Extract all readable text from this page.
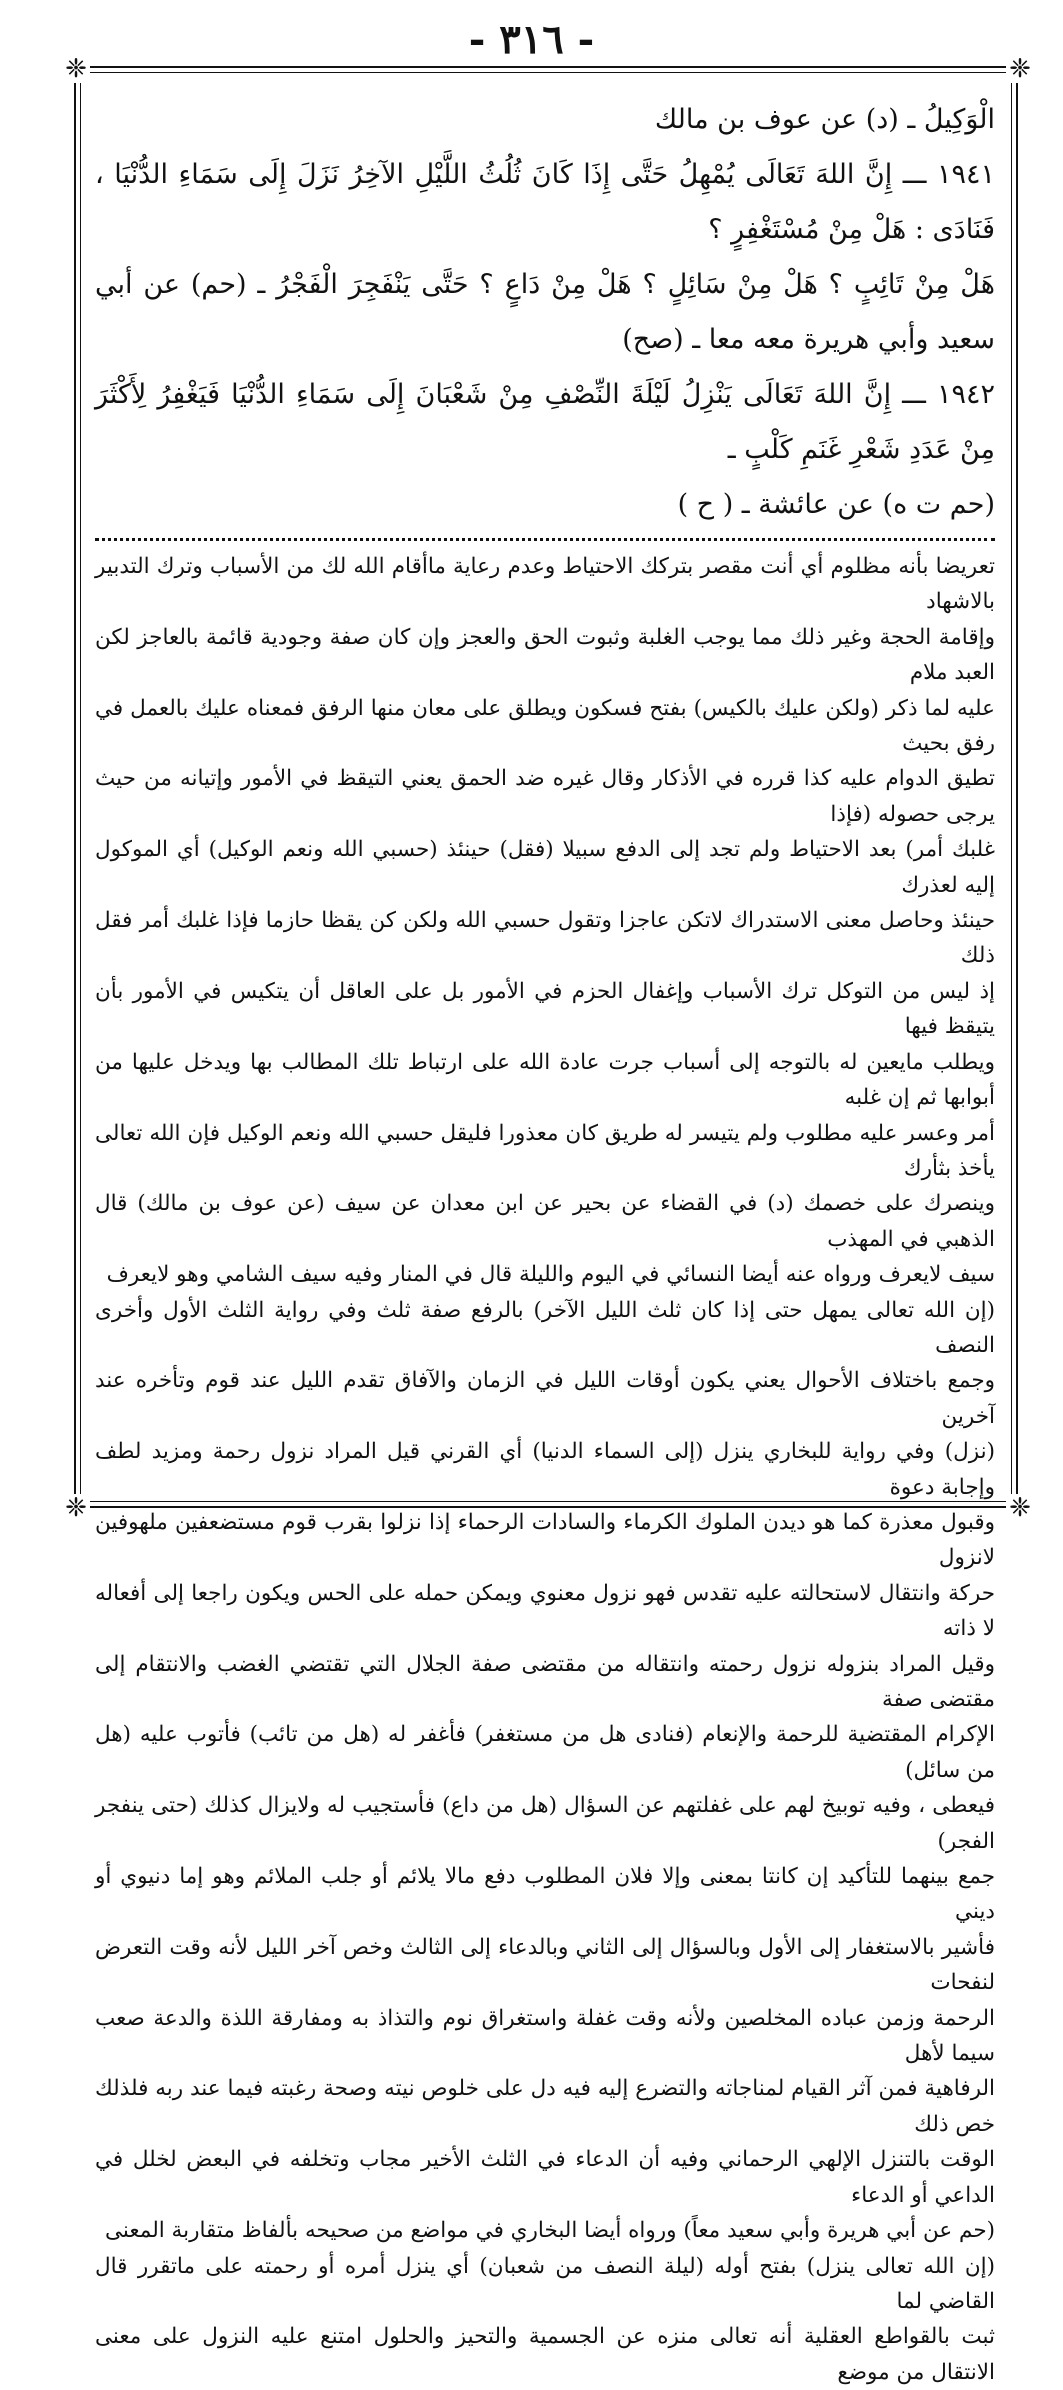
- ٣١٦ -
❈	❈
❈	❈

الْوَكِيلُ ـ (د) عن عوف بن مالك

١٩٤١ ـــ إِنَّ اللهَ تَعَالَى يُمْهِلُ حَتَّى إِذَا كَانَ ثُلُثُ اللَّيْلِ الآخِرُ نَزَلَ إِلَى سَمَاءِ الدُّنْيَا ، فَنَادَى : هَلْ مِنْ مُسْتَغْفِرٍ ؟

هَلْ مِنْ تَائِبٍ ؟ هَلْ مِنْ سَائِلٍ ؟ هَلْ مِنْ دَاعٍ ؟ حَتَّى يَنْفَجِرَ الْفَجْرُ ـ (حم) عن أبي سعيد وأبي هريرة معه معا ـ (صح)

١٩٤٢ ـــ إِنَّ اللهَ تَعَالَى يَنْزِلُ لَيْلَةَ النِّصْفِ مِنْ شَعْبَانَ إِلَى سَمَاءِ الدُّنْيَا فَيَغْفِرُ لِأَكْثَرَ مِنْ عَدَدِ شَعْرِ غَنَمِ كَلْبٍ ـ

(حم ت ه) عن عائشة ـ ( ح )

تعريضا بأنه مظلوم أي أنت مقصر بتركك الاحتياط وعدم رعاية ماأقام الله لك من الأسباب وترك التدبير بالاشهاد

وإقامة الحجة وغير ذلك مما يوجب الغلبة وثبوت الحق والعجز وإن كان صفة وجودية قائمة بالعاجز لكن العبد ملام

عليه لما ذكر (ولكن عليك بالكيس) بفتح فسكون ويطلق على معان منها الرفق فمعناه عليك بالعمل في رفق بحيث

تطيق الدوام عليه كذا قرره في الأذكار وقال غيره ضد الحمق يعني التيقظ في الأمور وإتيانه من حيث يرجى حصوله (فإذا

غلبك أمر) بعد الاحتياط ولم تجد إلى الدفع سبيلا (فقل) حينئذ (حسبي الله ونعم الوكيل) أي الموكول إليه لعذرك

حينئذ وحاصل معنى الاستدراك لاتكن عاجزا وتقول حسبي الله ولكن كن يقظا حازما فإذا غلبك أمر فقل ذلك

إذ ليس من التوكل ترك الأسباب وإغفال الحزم في الأمور بل على العاقل أن يتكيس في الأمور بأن يتيقظ فيها

ويطلب مايعين له بالتوجه إلى أسباب جرت عادة الله على ارتباط تلك المطالب بها ويدخل عليها من أبوابها ثم إن غلبه

أمر وعسر عليه مطلوب ولم يتيسر له طريق كان معذورا فليقل حسبي الله ونعم الوكيل فإن الله تعالى يأخذ بثأرك

وينصرك على خصمك (د) في القضاء عن بحير عن ابن معدان عن سيف (عن عوف بن مالك) قال الذهبي في المهذب

سيف لايعرف ورواه عنه أيضا النسائي في اليوم والليلة قال في المنار وفيه سيف الشامي وهو لايعرف

(إن الله تعالى يمهل حتى إذا كان ثلث الليل الآخر) بالرفع صفة ثلث وفي رواية الثلث الأول وأخرى النصف

وجمع باختلاف الأحوال يعني يكون أوقات الليل في الزمان والآفاق تقدم الليل عند قوم وتأخره عند آخرين

(نزل) وفي رواية للبخاري ينزل (إلى السماء الدنيا) أي القرني قيل المراد نزول رحمة ومزيد لطف وإجابة دعوة

وقبول معذرة كما هو ديدن الملوك الكرماء والسادات الرحماء إذا نزلوا بقرب قوم مستضعفين ملهوفين لانزول

حركة وانتقال لاستحالته عليه تقدس فهو نزول معنوي ويمكن حمله على الحس ويكون راجعا إلى أفعاله لا ذاته

وقيل المراد بنزوله نزول رحمته وانتقاله من مقتضى صفة الجلال التي تقتضي الغضب والانتقام إلى مقتضى صفة

الإكرام المقتضية للرحمة والإنعام (فنادى هل من مستغفر) فأغفر له (هل من تائب) فأتوب عليه (هل من سائل)

فيعطى ، وفيه توبيخ لهم على غفلتهم عن السؤال (هل من داع) فأستجيب له ولايزال كذلك (حتى ينفجر الفجر)

جمع بينهما للتأكيد إن كانتا بمعنى وإلا فلان المطلوب دفع مالا يلائم أو جلب الملائم وهو إما دنيوي أو ديني

فأشير بالاستغفار إلى الأول وبالسؤال إلى الثاني وبالدعاء إلى الثالث وخص آخر الليل لأنه وقت التعرض لنفحات

الرحمة وزمن عباده المخلصين ولأنه وقت غفلة واستغراق نوم والتذاذ به ومفارقة اللذة والدعة صعب سيما لأهل

الرفاهية فمن آثر القيام لمناجاته والتضرع إليه فيه دل على خلوص نيته وصحة رغبته فيما عند ربه فلذلك خص ذلك

الوقت بالتنزل الإلهي الرحماني وفيه أن الدعاء في الثلث الأخير مجاب وتخلفه في البعض لخلل في الداعي أو الدعاء

(حم عن أبي هريرة وأبي سعيد معاً) ورواه أيضا البخاري في مواضع من صحيحه بألفاظ متقاربة المعنى

(إن الله تعالى ينزل) بفتح أوله (ليلة النصف من شعبان) أي ينزل أمره أو رحمته على ماتقرر قال القاضي لما

ثبت بالقواطع العقلية أنه تعالى منزه عن الجسمية والتحيز والحلول امتنع عليه النزول على معنى الانتقال من موضع
